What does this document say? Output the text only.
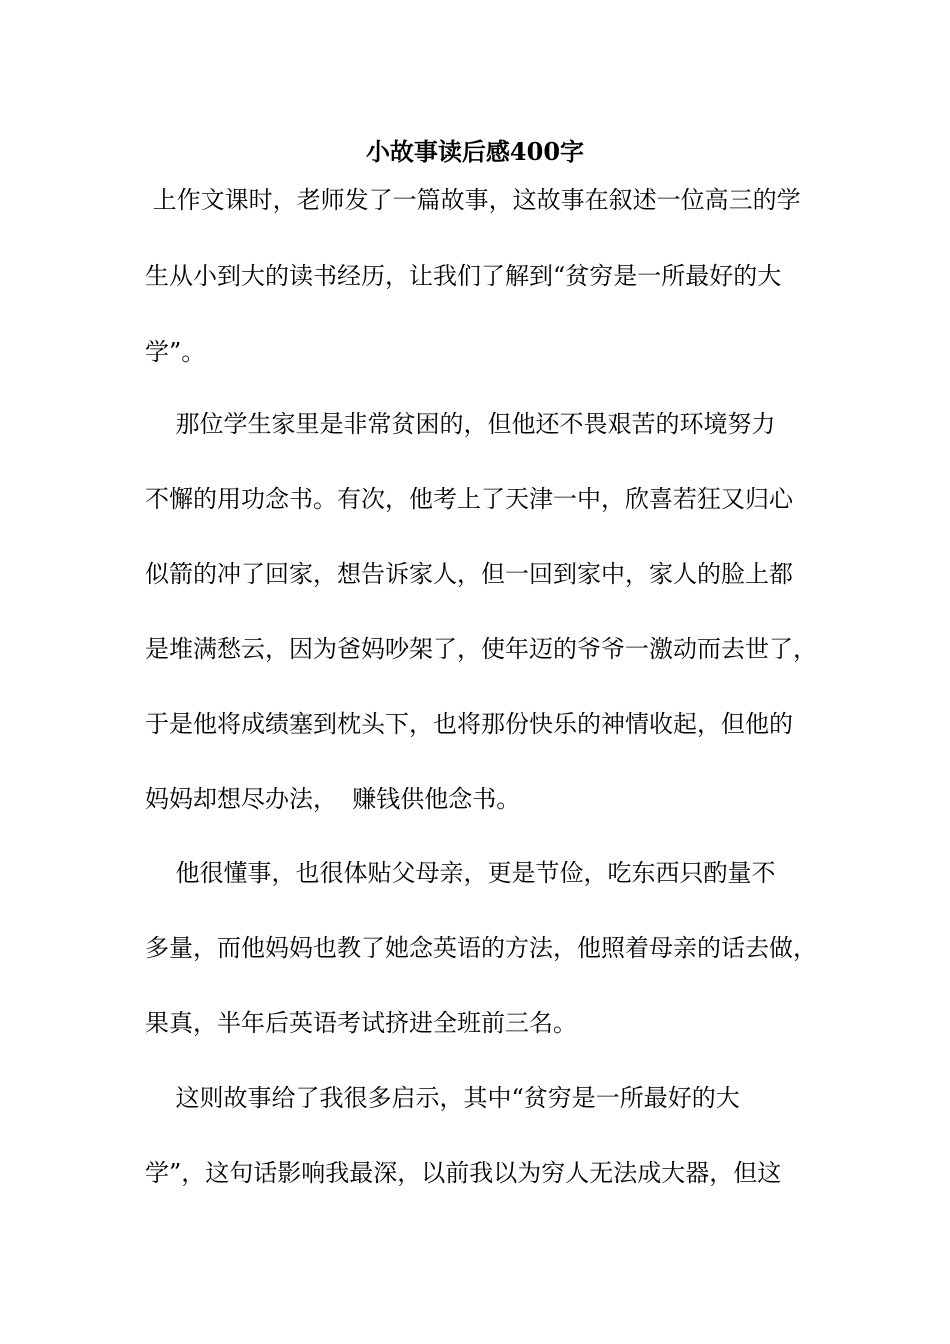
小故事读后感400字
上作文课时，老师发了一篇故事，这故事在叙述一位高三的学
生从小到大的读书经历，让我们了解到“贫穷是一所最好的大
学”。
那位学生家里是非常贫困的，但他还不畏艰苦的环境努力
不懈的用功念书。有次，他考上了天津一中，欣喜若狂又归心
似箭的冲了回家，想告诉家人，但一回到家中，家人的脸上都
是堆满愁云，因为爸妈吵架了，使年迈的爷爷一激动而去世了，
于是他将成绩塞到枕头下，也将那份快乐的神情收起，但他的
妈妈却想尽办法，  赚钱供他念书。
他很懂事，也很体贴父母亲，更是节俭，吃东西只酌量不
多量，而他妈妈也教了她念英语的方法，他照着母亲的话去做，
果真，半年后英语考试挤进全班前三名。
这则故事给了我很多启示，其中“贫穷是一所最好的大
学”，这句话影响我最深，以前我以为穷人无法成大器，但这
